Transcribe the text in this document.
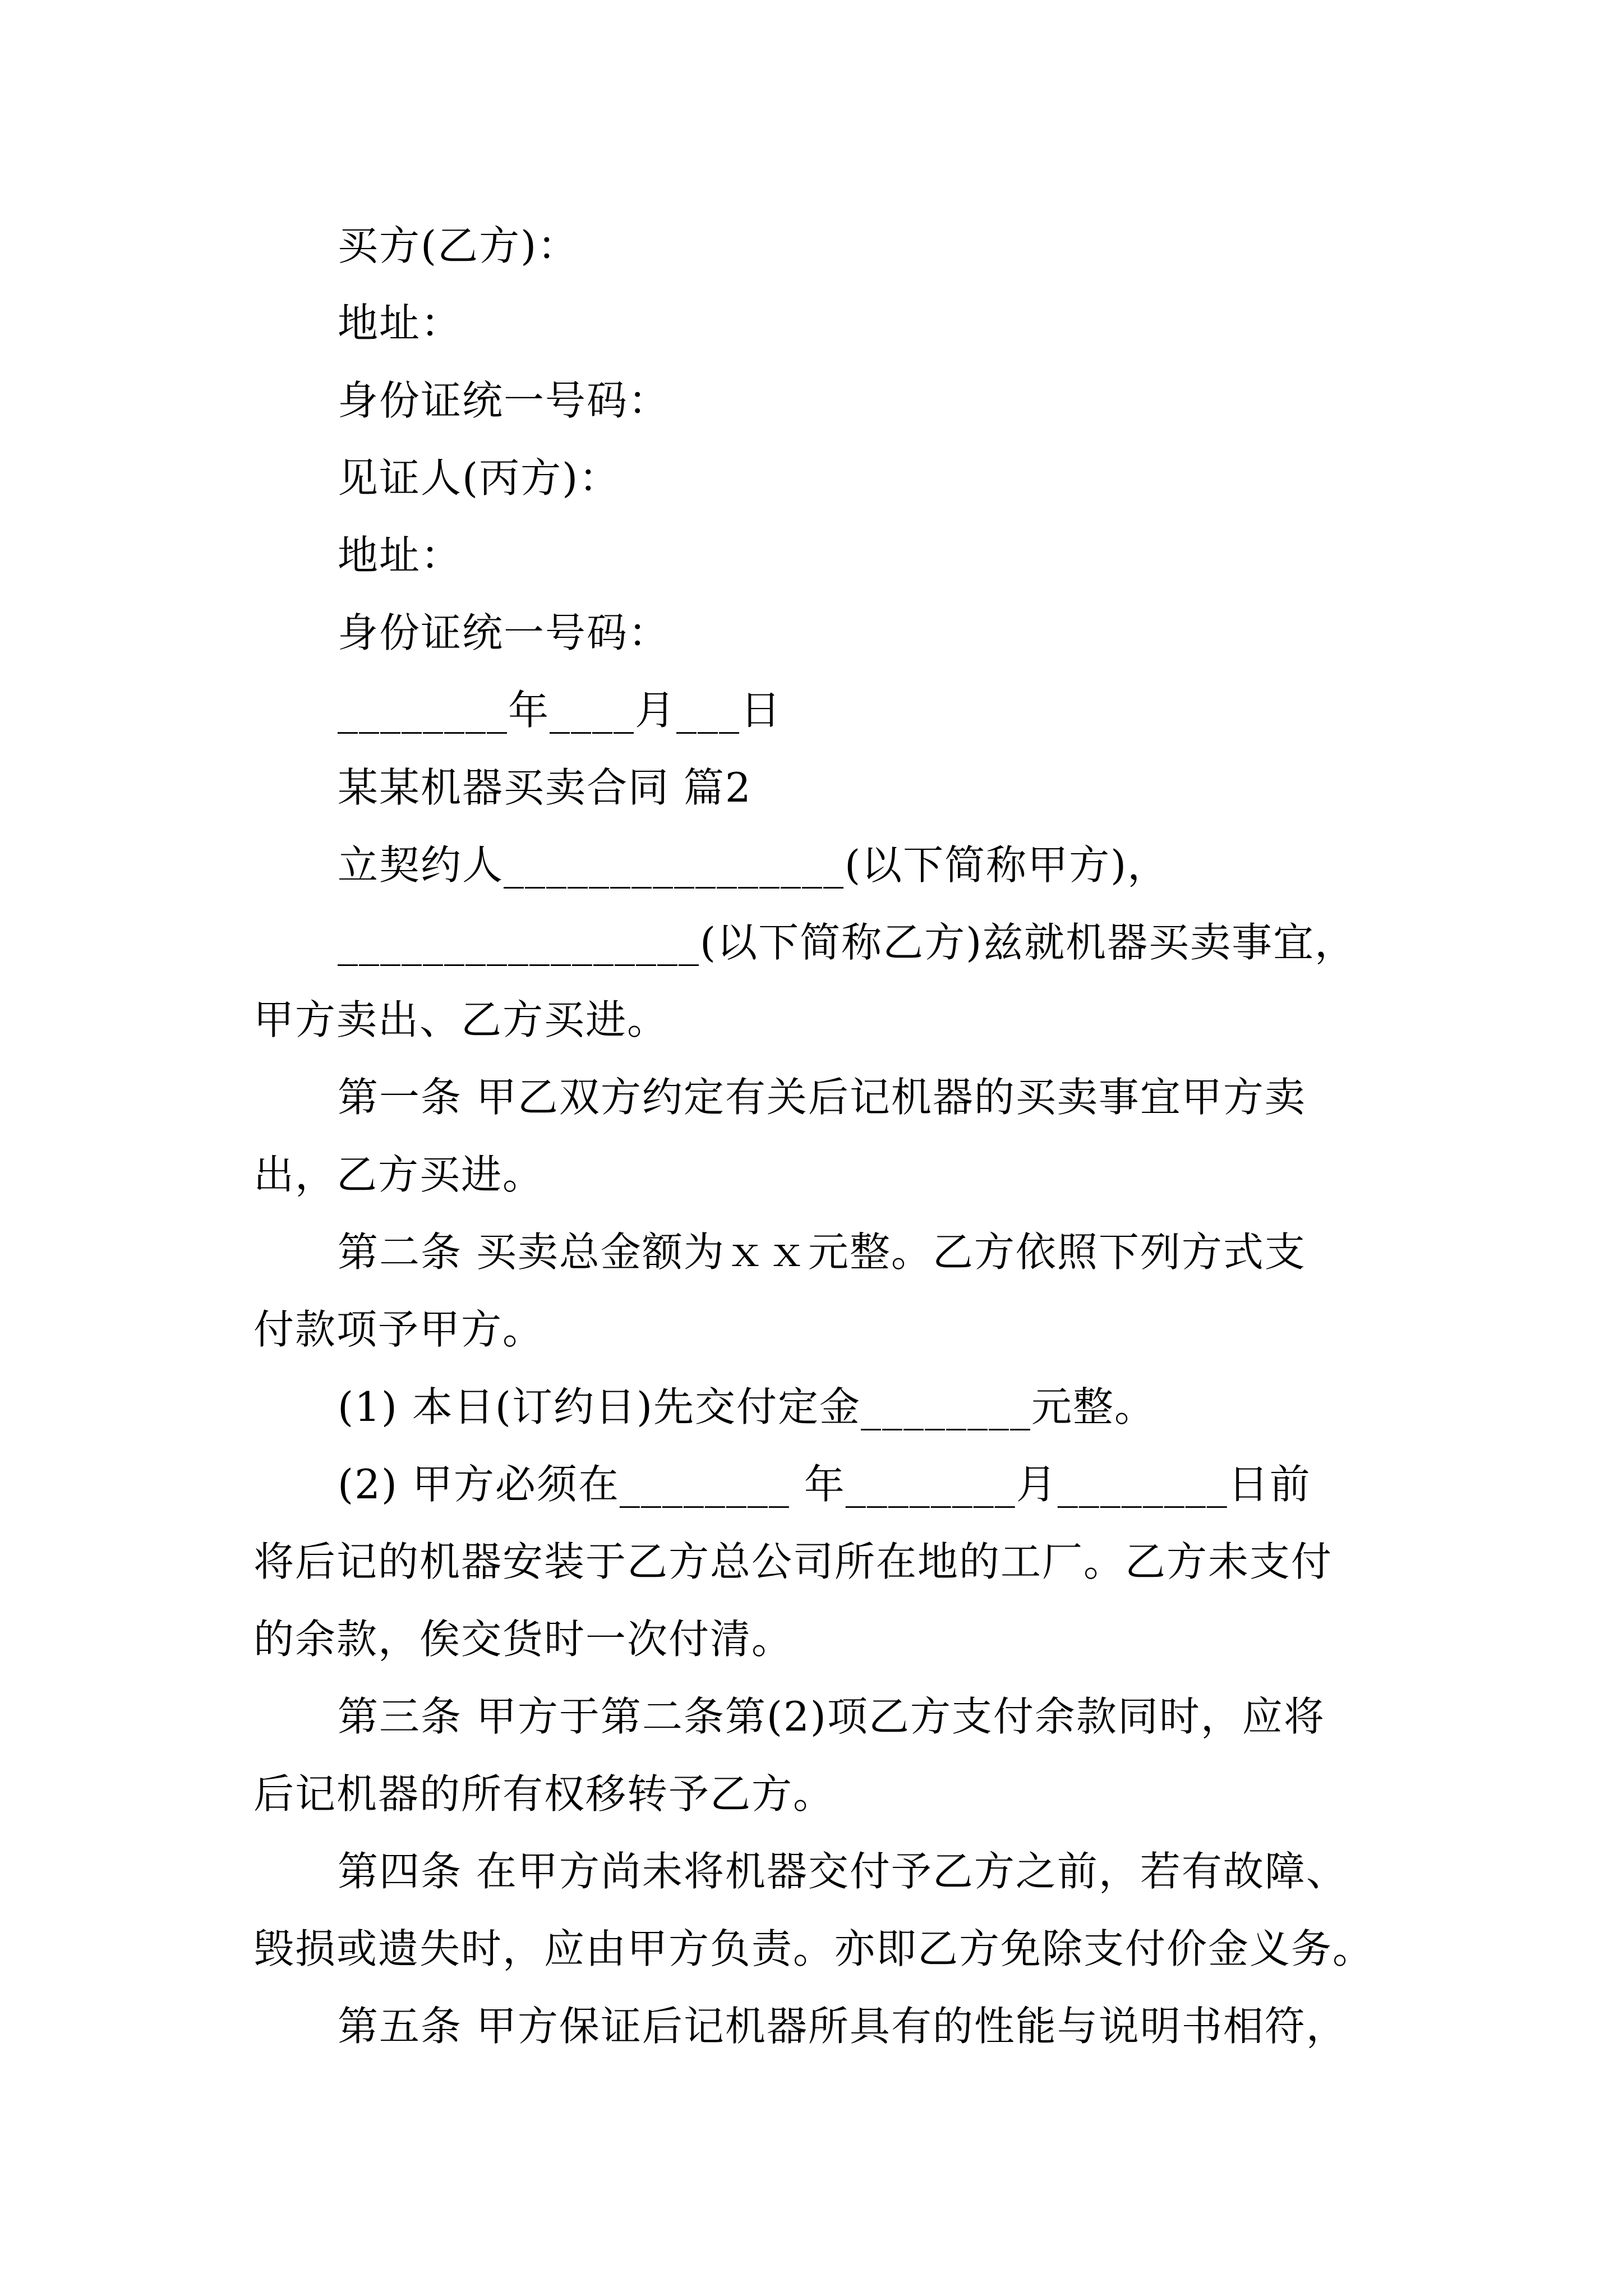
买方(乙方)：
地址：
身份证统一号码：
见证人(丙方)：
地址：
身份证统一号码：
________年____月___日
某某机器买卖合同 篇2
立契约人________________(以下简称甲方)，
_________________(以下简称乙方)兹就机器买卖事宜，
甲方卖出、乙方买进。
第一条 甲乙双方约定有关后记机器的买卖事宜甲方卖
出，乙方买进。
第二条 买卖总金额为ｘｘ元整。乙方依照下列方式支
付款项予甲方。
(1) 本日(订约日)先交付定金________元整。
(2) 甲方必须在________ 年________月________日前
将后记的机器安装于乙方总公司所在地的工厂。乙方未支付
的余款，俟交货时一次付清。
第三条 甲方于第二条第(2)项乙方支付余款同时，应将
后记机器的所有权移转予乙方。
第四条 在甲方尚未将机器交付予乙方之前，若有故障、
毁损或遗失时，应由甲方负责。亦即乙方免除支付价金义务。
第五条 甲方保证后记机器所具有的性能与说明书相符，
